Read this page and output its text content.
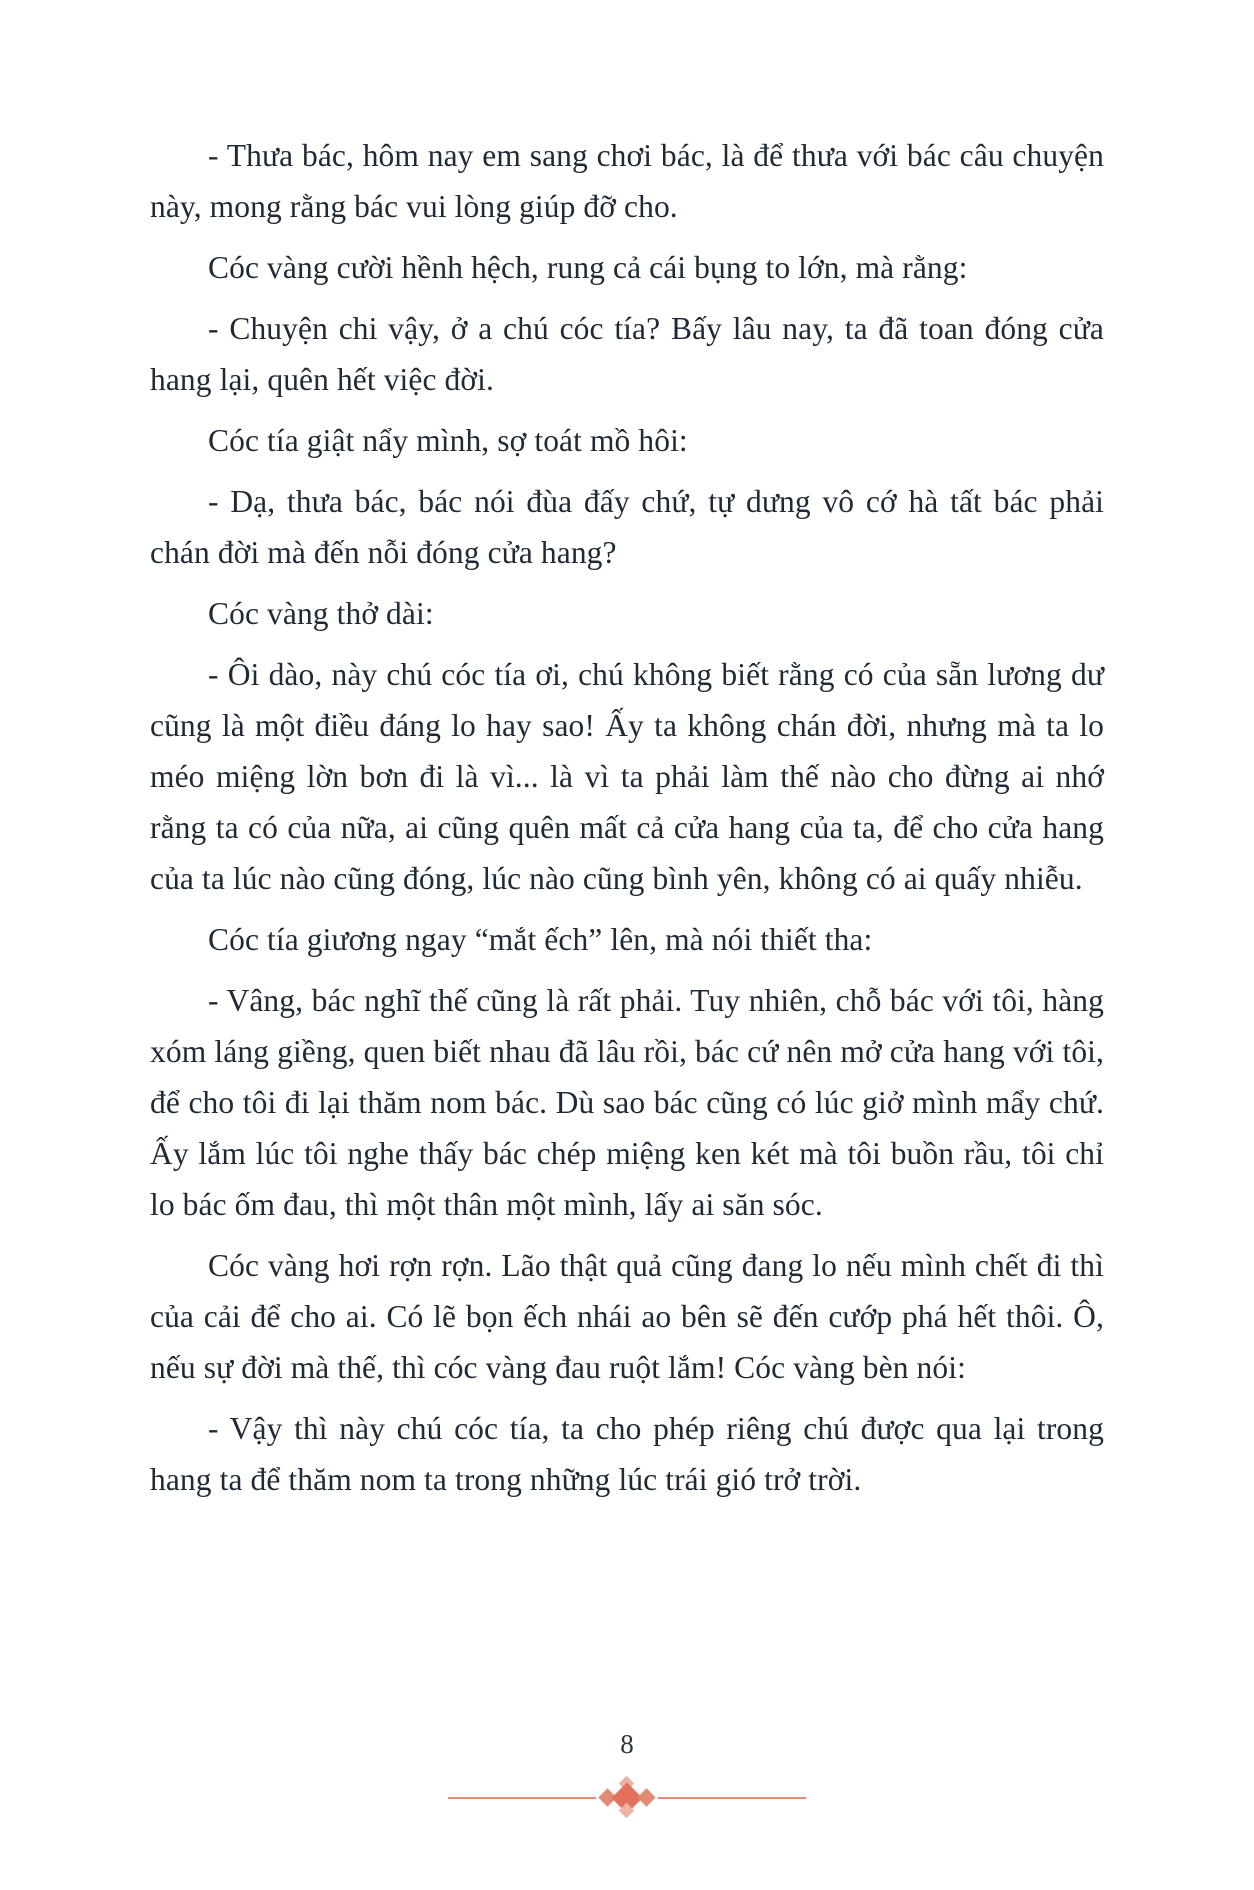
- Thưa bác, hôm nay em sang chơi bác, là để thưa với bác câu chuyện này, mong rằng bác vui lòng giúp đỡ cho.

Cóc vàng cười hềnh hệch, rung cả cái bụng to lớn, mà rằng:

- Chuyện chi vậy, ở a chú cóc tía? Bấy lâu nay, ta đã toan đóng cửa hang lại, quên hết việc đời.

Cóc tía giật nẩy mình, sợ toát mồ hôi:

- Dạ, thưa bác, bác nói đùa đấy chứ, tự dưng vô cớ hà tất bác phải chán đời mà đến nỗi đóng cửa hang?

Cóc vàng thở dài:

- Ôi dào, này chú cóc tía ơi, chú không biết rằng có của sẵn lương dư cũng là một điều đáng lo hay sao! Ấy ta không chán đời, nhưng mà ta lo méo miệng lờn bơn đi là vì... là vì ta phải làm thế nào cho đừng ai nhớ rằng ta có của nữa, ai cũng quên mất cả cửa hang của ta, để cho cửa hang của ta lúc nào cũng đóng, lúc nào cũng bình yên, không có ai quấy nhiễu.

Cóc tía giương ngay “mắt ếch” lên, mà nói thiết tha:

- Vâng, bác nghĩ thế cũng là rất phải. Tuy nhiên, chỗ bác với tôi, hàng xóm láng giềng, quen biết nhau đã lâu rồi, bác cứ nên mở cửa hang với tôi, để cho tôi đi lại thăm nom bác. Dù sao bác cũng có lúc giở mình mẩy chứ. Ấy lắm lúc tôi nghe thấy bác chép miệng ken két mà tôi buồn rầu, tôi chỉ lo bác ốm đau, thì một thân một mình, lấy ai săn sóc.

Cóc vàng hơi rợn rợn. Lão thật quả cũng đang lo nếu mình chết đi thì của cải để cho ai. Có lẽ bọn ếch nhái ao bên sẽ đến cướp phá hết thôi. Ô, nếu sự đời mà thế, thì cóc vàng đau ruột lắm! Cóc vàng bèn nói:

- Vậy thì này chú cóc tía, ta cho phép riêng chú được qua lại trong hang ta để thăm nom ta trong những lúc trái gió trở trời.

8
